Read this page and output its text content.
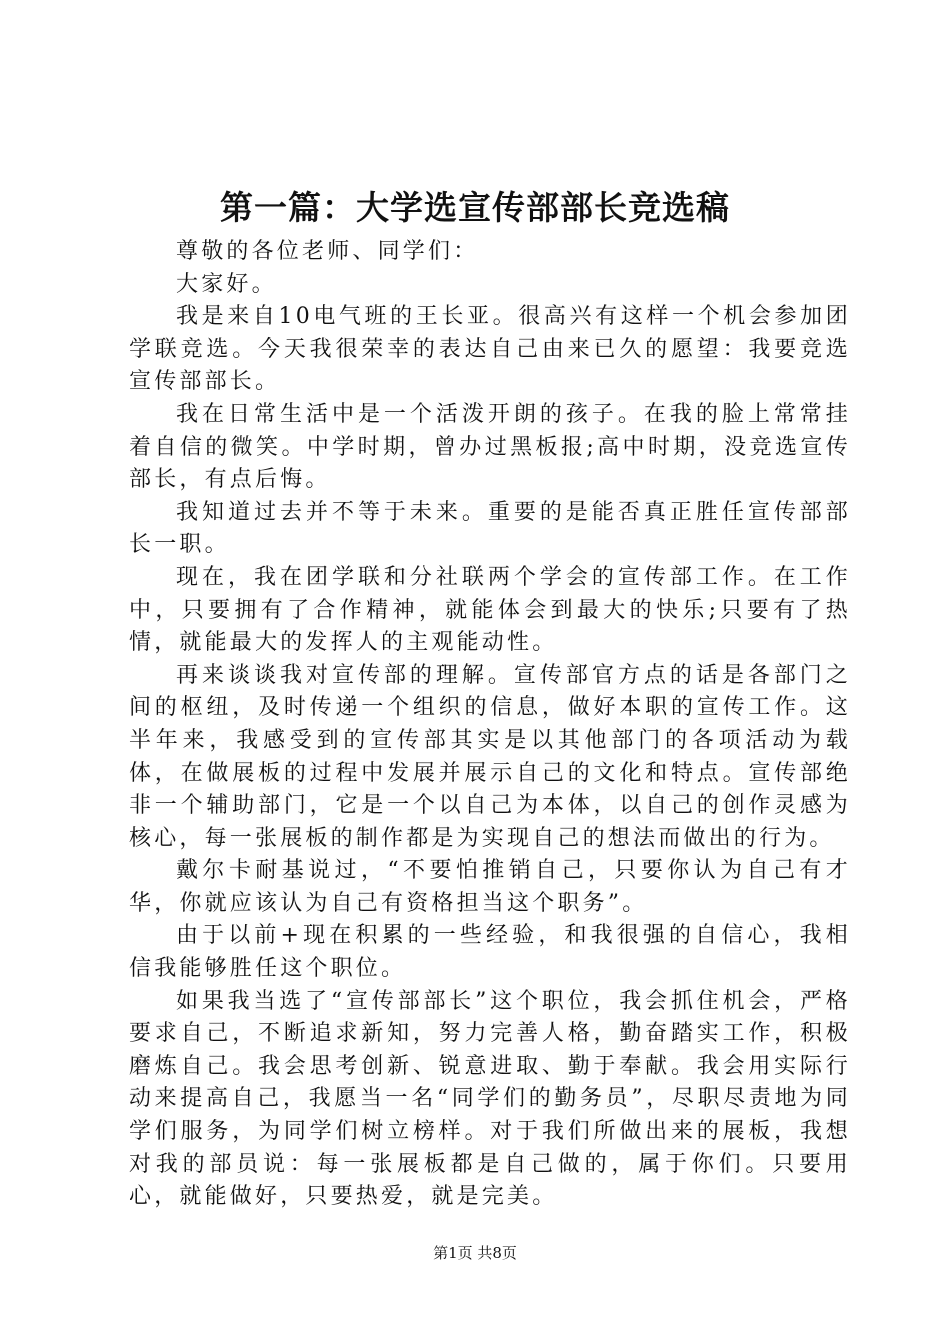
第一篇：大学选宣传部部长竞选稿

尊敬的各位老师、同学们：

大家好。

我是来自10电气班的王长亚。很高兴有这样一个机会参加团学联竞选。今天我很荣幸的表达自己由来已久的愿望：我要竞选宣传部部长。

我在日常生活中是一个活泼开朗的孩子。在我的脸上常常挂着自信的微笑。中学时期，曾办过黑板报;高中时期，没竞选宣传部长，有点后悔。

我知道过去并不等于未来。重要的是能否真正胜任宣传部部长一职。

现在，我在团学联和分社联两个学会的宣传部工作。在工作中，只要拥有了合作精神，就能体会到最大的快乐;只要有了热情，就能最大的发挥人的主观能动性。

再来谈谈我对宣传部的理解。宣传部官方点的话是各部门之间的枢纽，及时传递一个组织的信息，做好本职的宣传工作。这半年来，我感受到的宣传部其实是以其他部门的各项活动为载体，在做展板的过程中发展并展示自己的文化和特点。宣传部绝非一个辅助部门，它是一个以自己为本体，以自己的创作灵感为核心，每一张展板的制作都是为实现自己的想法而做出的行为。

戴尔卡耐基说过，“不要怕推销自己，只要你认为自己有才华，你就应该认为自己有资格担当这个职务”。

由于以前+现在积累的一些经验，和我很强的自信心，我相信我能够胜任这个职位。

如果我当选了“宣传部部长”这个职位，我会抓住机会，严格要求自己，不断追求新知，努力完善人格，勤奋踏实工作，积极磨炼自己。我会思考创新、锐意进取、勤于奉献。我会用实际行动来提高自己，我愿当一名“同学们的勤务员”，尽职尽责地为同学们服务，为同学们树立榜样。对于我们所做出来的展板，我想对我的部员说：每一张展板都是自己做的，属于你们。只要用心，就能做好，只要热爱，就是完美。

第1页 共8页
